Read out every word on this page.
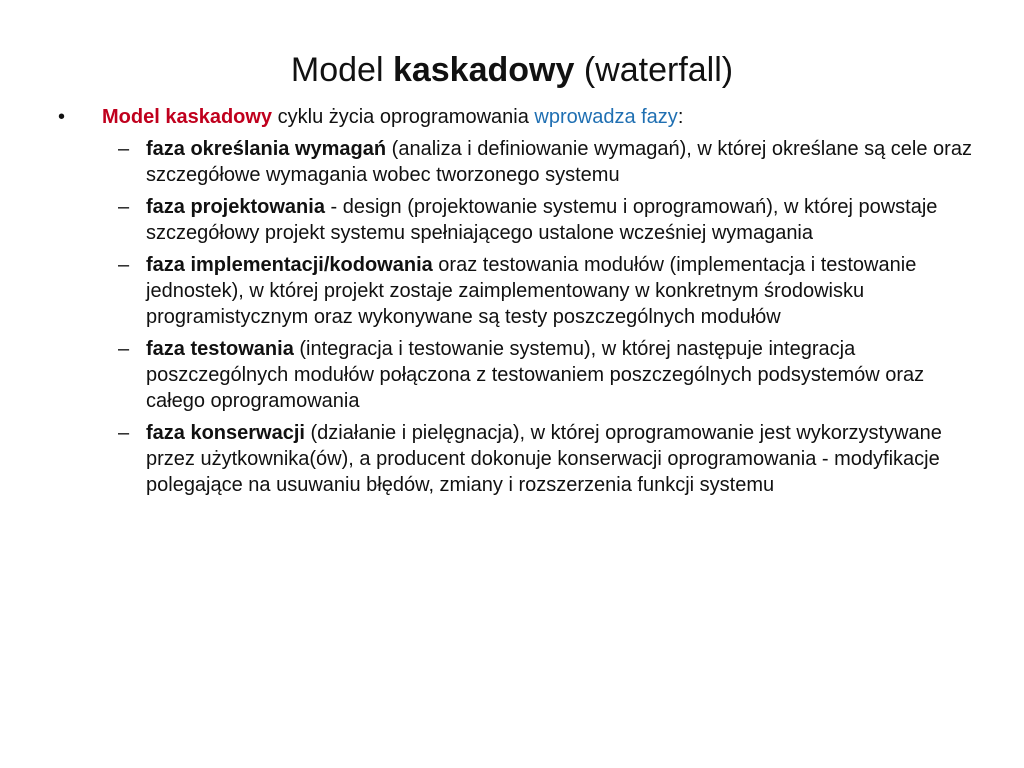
Model kaskadowy (waterfall)
• Model kaskadowy cyklu życia oprogramowania wprowadza fazy:
– faza określania wymagań (analiza i definiowanie wymagań), w której określane są cele oraz szczegółowe wymagania wobec tworzonego systemu
– faza projektowania - design (projektowanie systemu i oprogramowań), w której powstaje szczegółowy projekt systemu spełniającego ustalone wcześniej wymagania
– faza implementacji/kodowania oraz testowania modułów (implementacja i testowanie jednostek), w której projekt zostaje zaimplementowany w konkretnym środowisku programistycznym oraz wykonywane są testy poszczególnych modułów
– faza testowania (integracja i testowanie systemu), w której następuje integracja poszczególnych modułów połączona z testowaniem poszczególnych podsystemów oraz całego oprogramowania
– faza konserwacji (działanie i pielęgnacja), w której oprogramowanie jest wykorzystywane przez użytkownika(ów), a producent dokonuje konserwacji oprogramowania - modyfikacje polegające na usuwaniu błędów, zmiany i rozszerzenia funkcji systemu
